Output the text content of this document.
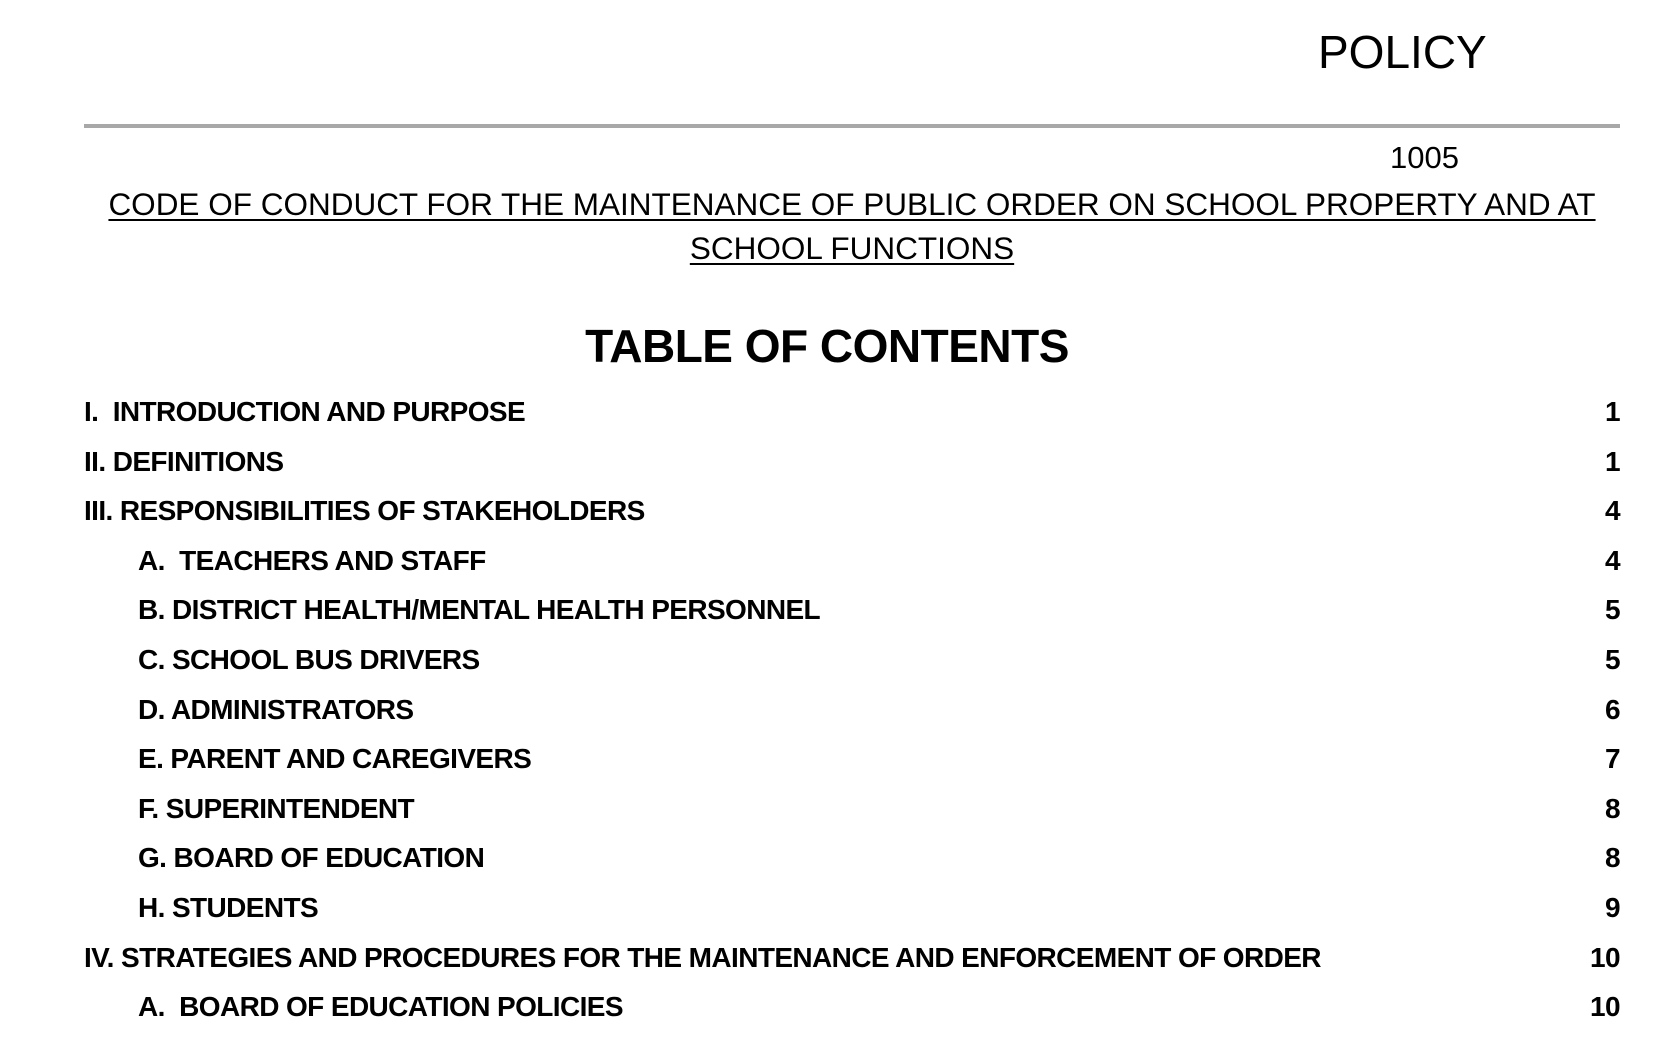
POLICY
1005
CODE OF CONDUCT FOR THE MAINTENANCE OF PUBLIC ORDER ON SCHOOL PROPERTY AND AT SCHOOL FUNCTIONS
TABLE OF CONTENTS
I.  INTRODUCTION AND PURPOSE	1
II. DEFINITIONS	1
III. RESPONSIBILITIES OF STAKEHOLDERS	4
A.  TEACHERS AND STAFF	4
B. DISTRICT HEALTH/MENTAL HEALTH PERSONNEL	5
C. SCHOOL BUS DRIVERS	5
D. ADMINISTRATORS	6
E. PARENT AND CAREGIVERS	7
F. SUPERINTENDENT	8
G. BOARD OF EDUCATION	8
H. STUDENTS	9
IV. STRATEGIES AND PROCEDURES FOR THE MAINTENANCE AND ENFORCEMENT OF ORDER	10
A.  BOARD OF EDUCATION POLICIES	10
